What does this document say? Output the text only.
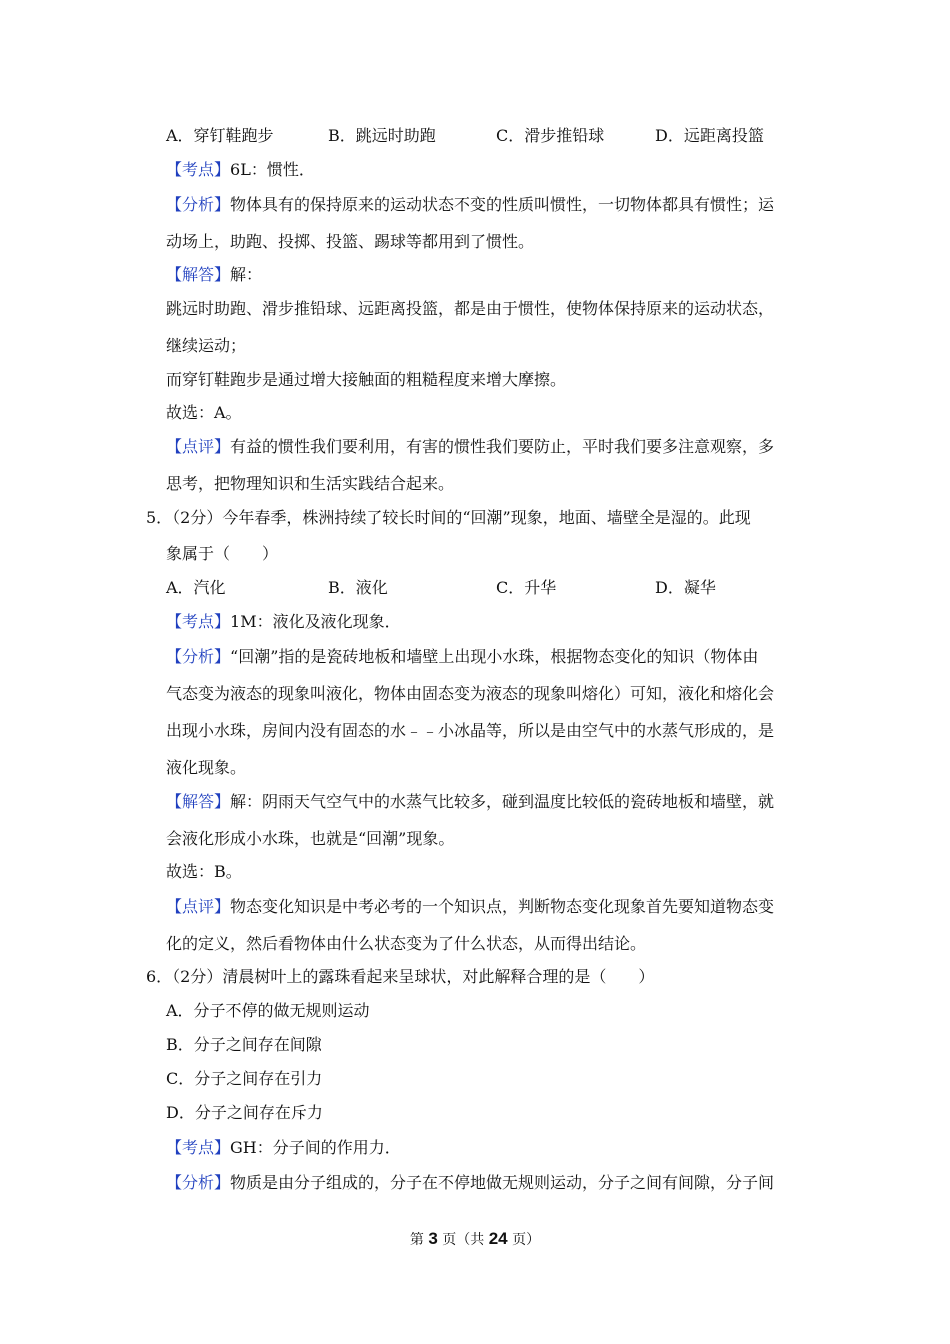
A．穿钉鞋跑步	B．跳远时助跑	C．滑步推铅球	D．远距离投篮
【考点】6L：惯性．
【分析】物体具有的保持原来的运动状态不变的性质叫惯性，一切物体都具有惯性；运
动场上，助跑、投掷、投篮、踢球等都用到了惯性。
【解答】解：
跳远时助跑、滑步推铅球、远距离投篮，都是由于惯性，使物体保持原来的运动状态，
继续运动；
而穿钉鞋跑步是通过增大接触面的粗糙程度来增大摩擦。
故选：A。
【点评】有益的惯性我们要利用，有害的惯性我们要防止，平时我们要多注意观察，多
思考，把物理知识和生活实践结合起来。
5．（2分）今年春季，株洲持续了较长时间的“回潮”现象，地面、墙壁全是湿的。此现
象属于（　　）
A．汽化	B．液化	C．升华	D．凝华
【考点】1M：液化及液化现象．
【分析】“回潮”指的是瓷砖地板和墙壁上出现小水珠，根据物态变化的知识（物体由
气态变为液态的现象叫液化，物体由固态变为液态的现象叫熔化）可知，液化和熔化会
出现小水珠，房间内没有固态的水﹣﹣小冰晶等，所以是由空气中的水蒸气形成的，是
液化现象。
【解答】解：阴雨天气空气中的水蒸气比较多，碰到温度比较低的瓷砖地板和墙壁，就
会液化形成小水珠，也就是“回潮”现象。
故选：B。
【点评】物态变化知识是中考必考的一个知识点，判断物态变化现象首先要知道物态变
化的定义，然后看物体由什么状态变为了什么状态，从而得出结论。
6．（2分）清晨树叶上的露珠看起来呈球状，对此解释合理的是（　　）
A．分子不停的做无规则运动
B．分子之间存在间隙
C．分子之间存在引力
D．分子之间存在斥力
【考点】GH：分子间的作用力．
【分析】物质是由分子组成的，分子在不停地做无规则运动，分子之间有间隙，分子间
第 3 页（共 24 页）
